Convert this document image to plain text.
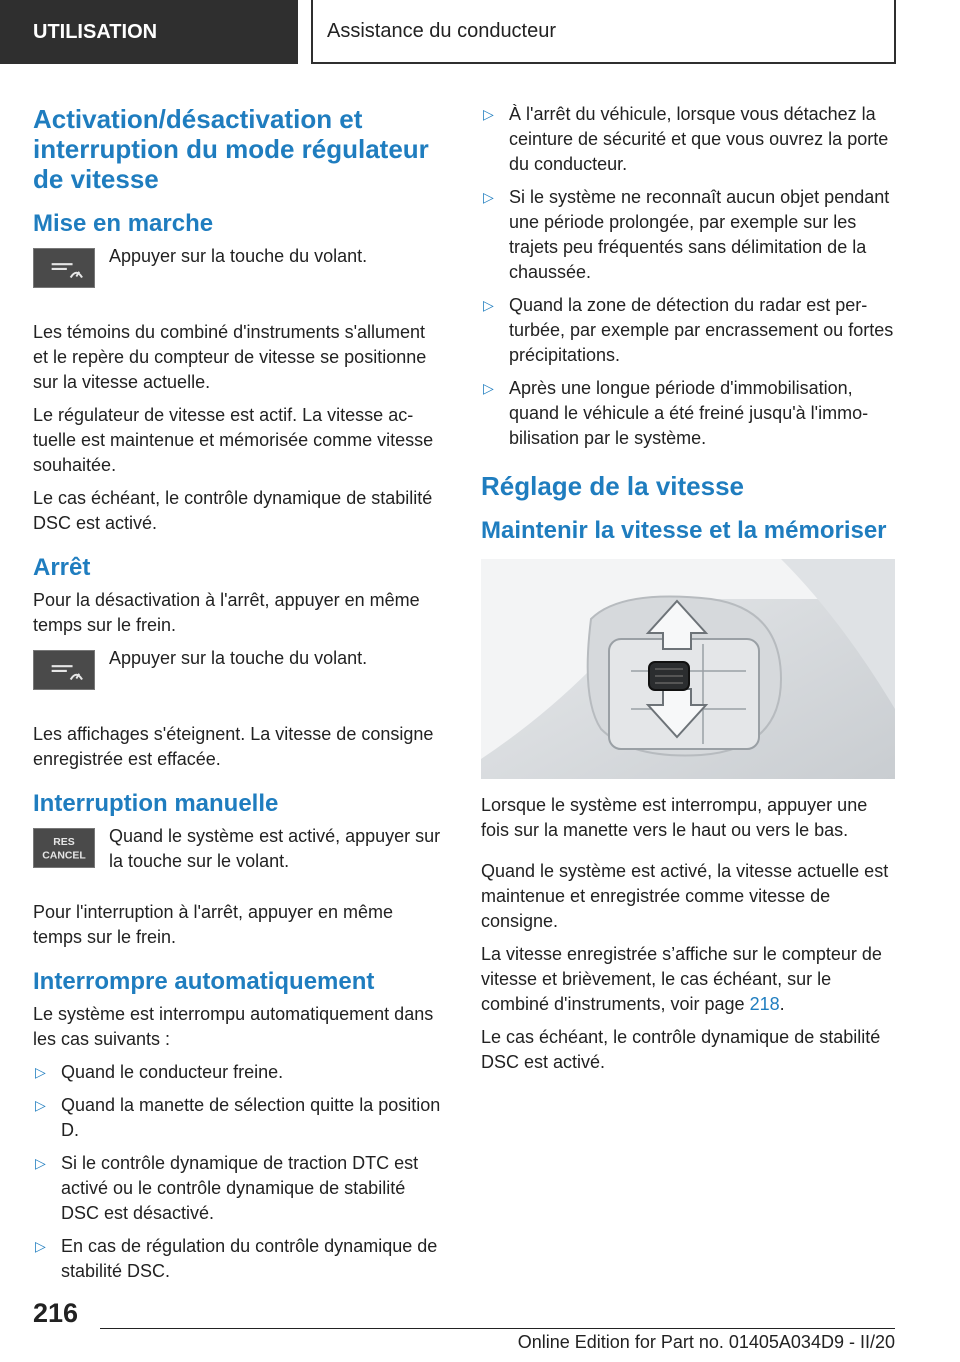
UTILISATION	Assistance du conducteur
Activation/désactivation et interruption du mode régulateur de vitesse
Mise en marche

Appuyer sur la touche du volant.

Les témoins du combiné d'instruments s'allument et le repère du compteur de vitesse se positionne sur la vitesse actuelle.

Le régulateur de vitesse est actif. La vitesse actuelle est maintenue et mémorisée comme vitesse souhaitée.

Le cas échéant, le contrôle dynamique de stabilité DSC est activé.

Arrêt

Pour la désactivation à l'arrêt, appuyer en même temps sur le frein.

Appuyer sur la touche du volant.

Les affichages s'éteignent. La vitesse de consigne enregistrée est effacée.

Interruption manuelle
RES
CANCEL

Quand le système est activé, appuyer sur la touche sur le volant.

Pour l'interruption à l'arrêt, appuyer en même temps sur le frein.

Interrompre automatiquement

Le système est interrompu automatiquement dans les cas suivants :

▷ Quand le conducteur freine.
▷ Quand la manette de sélection quitte la position D.
▷ Si le contrôle dynamique de traction DTC est activé ou le contrôle dynamique de stabilité DSC est désactivé.
▷ En cas de régulation du contrôle dynamique de stabilité DSC.
▷ À l'arrêt du véhicule, lorsque vous détachez la ceinture de sécurité et que vous ouvrez la porte du conducteur.
▷ Si le système ne reconnaît aucun objet pendant une période prolongée, par exemple sur les trajets peu fréquentés sans délimitation de la chaussée.
▷ Quand la zone de détection du radar est perturbée, par exemple par encrassement ou fortes précipitations.
▷ Après une longue période d'immobilisation, quand le véhicule a été freiné jusqu'à l'immobilisation par le système.
Réglage de la vitesse
Maintenir la vitesse et la mémoriser

Lorsque le système est interrompu, appuyer une fois sur la manette vers le haut ou vers le bas.

Quand le système est activé, la vitesse actuelle est maintenue et enregistrée comme vitesse de consigne.

La vitesse enregistrée s’affiche sur le compteur de vitesse et brièvement, le cas échéant, sur le combiné d'instruments, voir page 218.

Le cas échéant, le contrôle dynamique de stabilité DSC est activé.

216
Online Edition for Part no. 01405A034D9 - II/20
